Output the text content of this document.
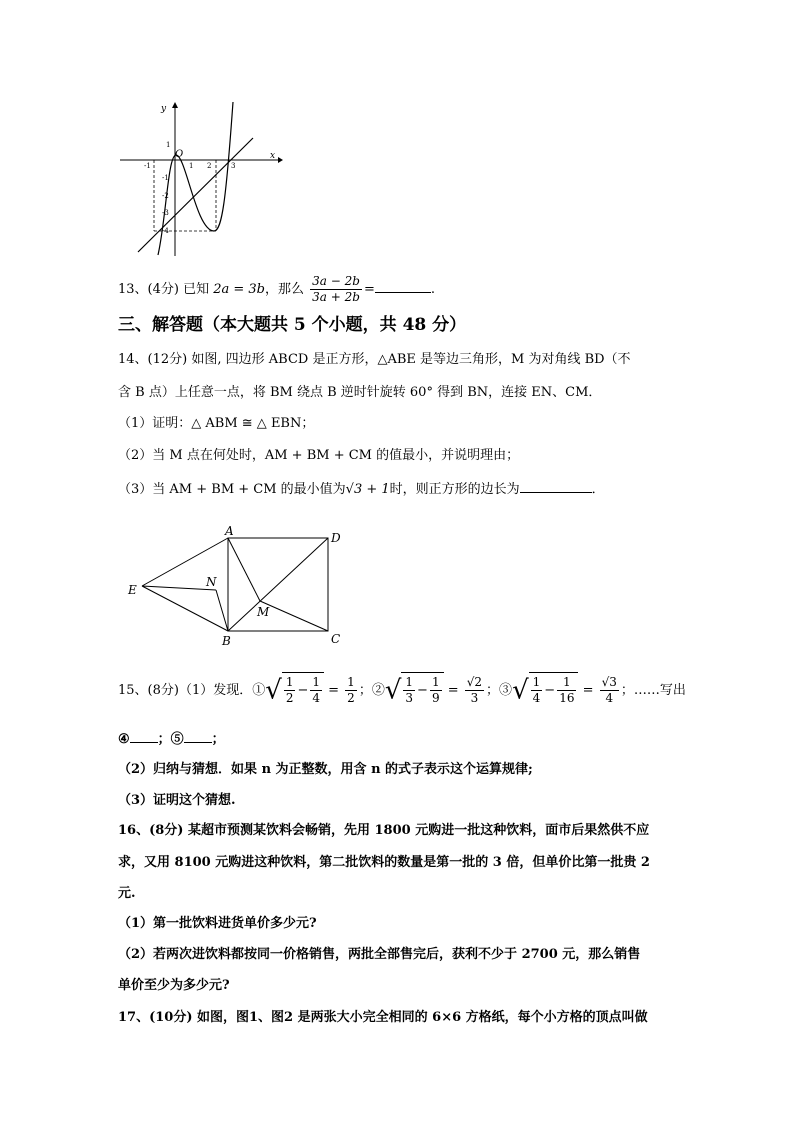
y
x
O
-1	1 2	3
1
-1
-2
-3
-4
13、(4分) 已知 2a = 3b，那么 $\frac{3a - 2b}{3a + 2b}$ =	.
三、解答题（本大题共 5 个小题，共 48 分）
14、(12分) 如图, 四边形 ABCD 是正方形，△ABE 是等边三角形，M 为对角线 BD（不
含 B 点）上任意一点，将 BM 绕点 B 逆时针旋转 60° 得到 BN，连接 EN、CM．
（1）证明：△ ABM ≅ △ EBN；
（2）当 M 点在何处时，AM + BM + CM 的值最小，并说明理由；
（3）当 AM + BM + CM 的最小值为√3 + 1时，则正方形的边长为	．
A	D
C
B
E
M
N
15、(8分)（1）发现．①√ $\frac{1}{2} - \frac{1}{4} = \frac{1}{2}$ ；②√ $\frac{1}{3} - \frac{1}{9} = \frac{√2}{3}$ ；③√ $\frac{1}{4} - \frac{1}{16} = \frac{√3}{4}$ ；……写出
④ ；⑤ ；
（2）归纳与猜想．如果 n 为正整数，用含 n 的式子表示这个运算规律;
（3）证明这个猜想.
16、(8分) 某超市预测某饮料会畅销，先用 1800 元购进一批这种饮料，面市后果然供不应
求，又用 8100 元购进这种饮料，第二批饮料的数量是第一批的 3 倍，但单价比第一批贵 2
元.
（1）第一批饮料进货单价多少元?
（2）若两次进饮料都按同一价格销售，两批全部售完后，获利不少于 2700 元，那么销售
单价至少为多少元?
17、(10分) 如图，图1、图2 是两张大小完全相同的 6×6 方格纸，每个小方格的顶点叫做
